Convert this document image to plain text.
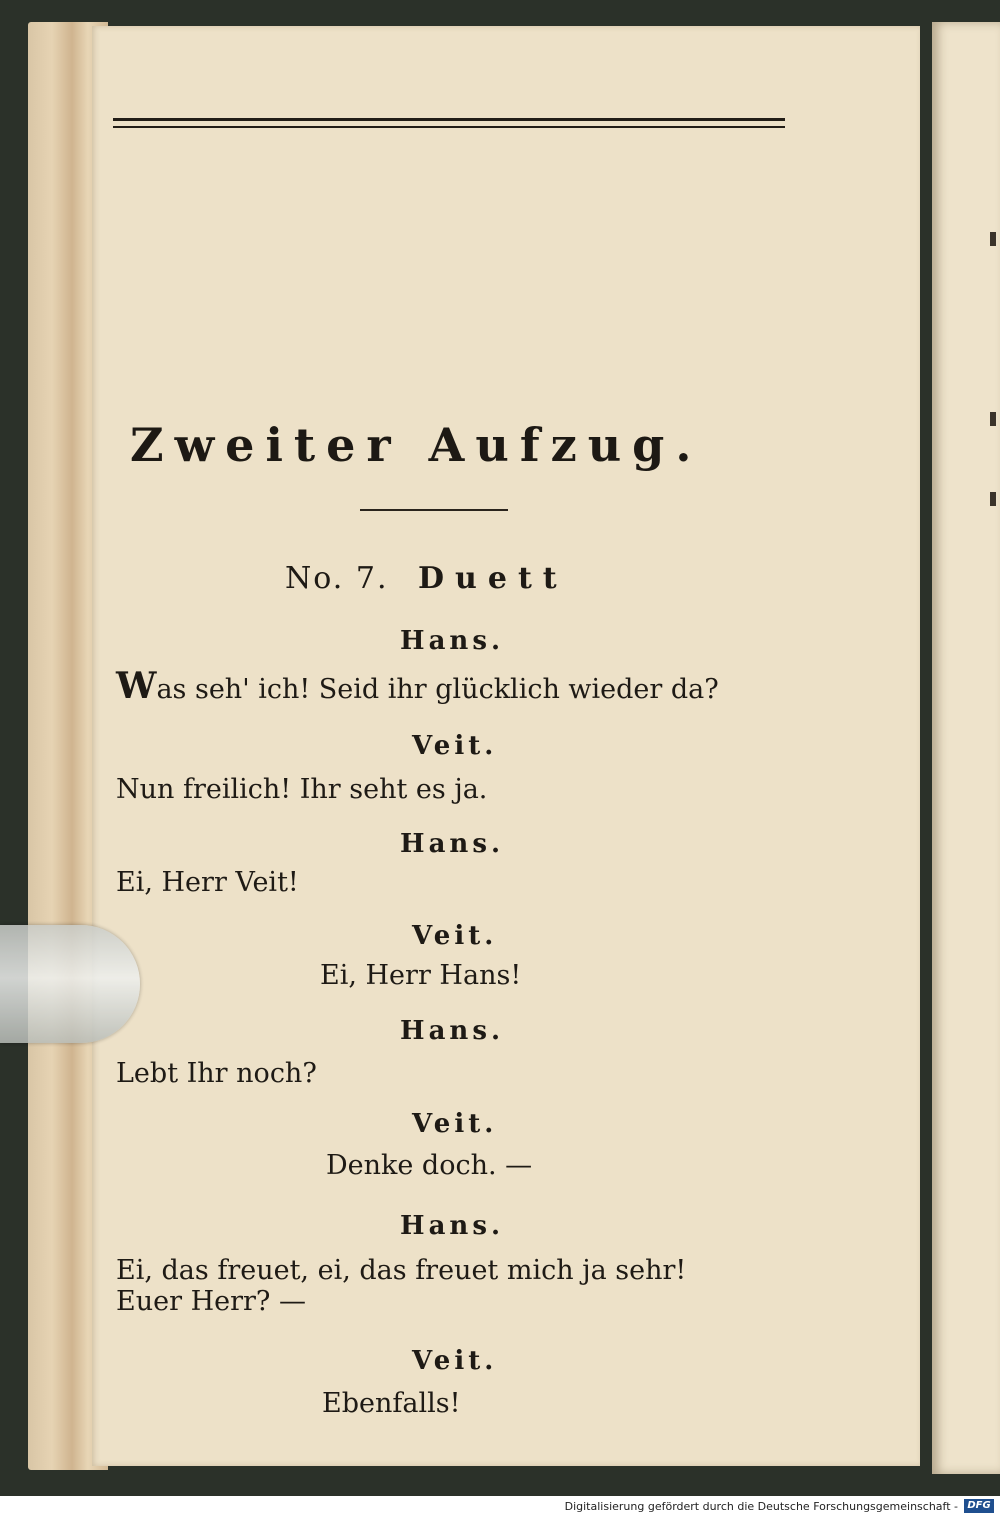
Zweiter Aufzug.
No. 7. Duett
Hans.
Was seh' ich! Seid ihr glücklich wieder da?
Veit.
Nun freilich! Ihr seht es ja.
Hans.
Ei, Herr Veit!
Veit.
Ei, Herr Hans!
Hans.
Lebt Ihr noch?
Veit.
Denke doch. —
Hans.
Ei, das freuet, ei, das freuet mich ja sehr!
Euer Herr? —
Veit.
Ebenfalls!
Digitalisierung gefördert durch die Deutsche Forschungsgemeinschaft - DFG
